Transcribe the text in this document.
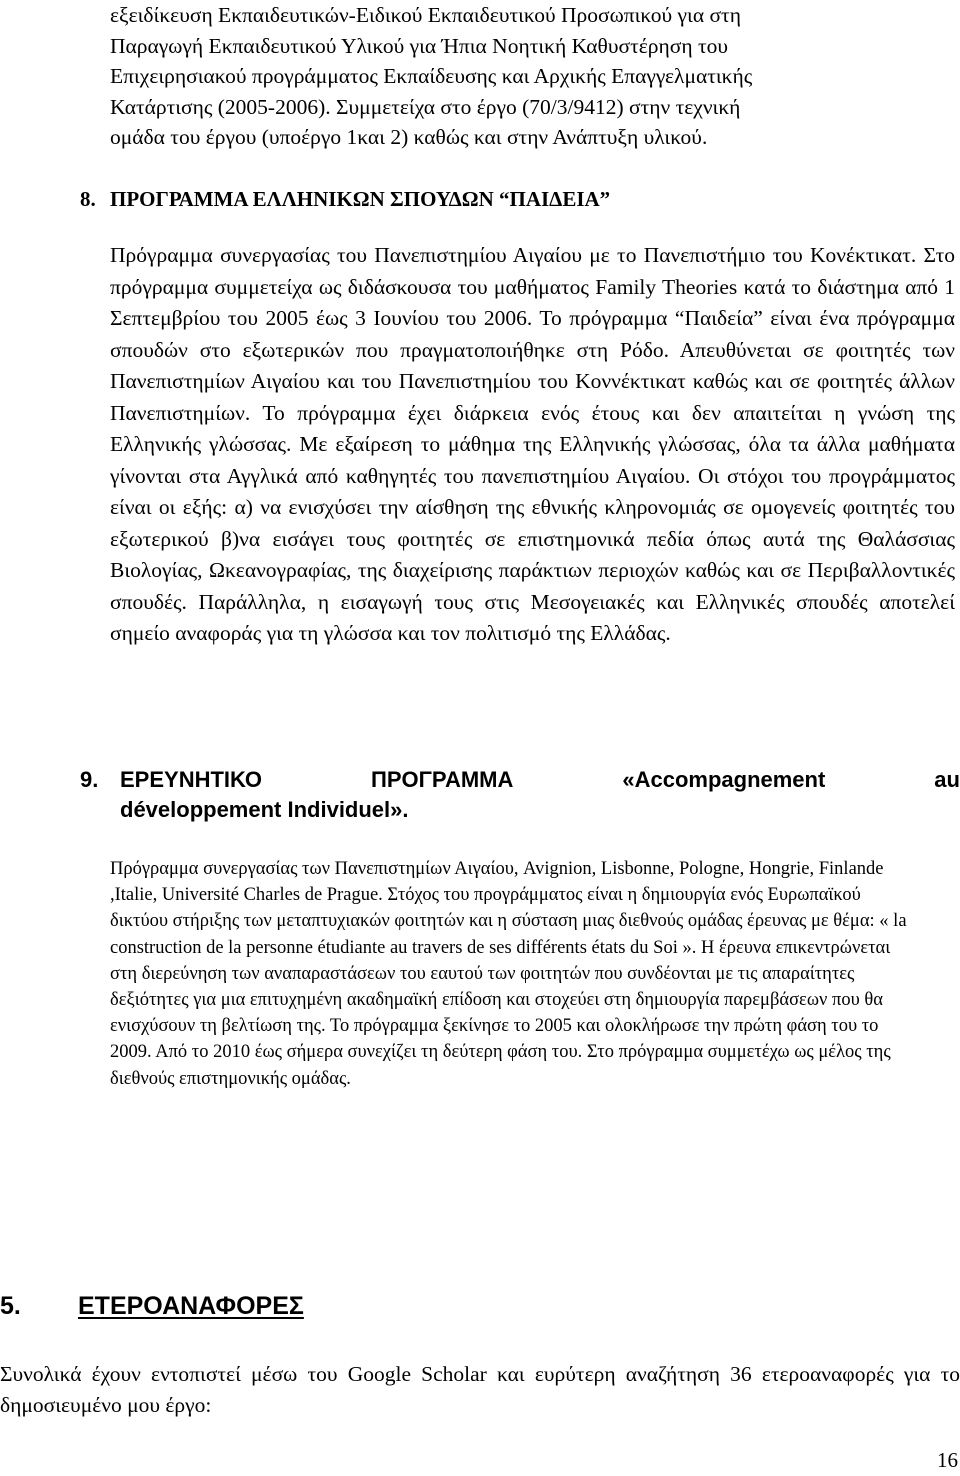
εξειδίκευση Εκπαιδευτικών-Ειδικού Εκπαιδευτικού Προσωπικού για στη
Παραγωγή Εκπαιδευτικού Υλικού για Ήπια Νοητική Καθυστέρηση του
Επιχειρησιακού προγράμματος Εκπαίδευσης και Αρχικής Επαγγελματικής
Κατάρτισης (2005-2006). Συμμετείχα στο έργο (70/3/9412) στην τεχνική
ομάδα του έργου (υποέργο 1και 2) καθώς και στην Ανάπτυξη υλικού.
8. ΠΡΟΓΡΑΜΜΑ ΕΛΛΗΝΙΚΩΝ ΣΠΟΥΔΩΝ “ΠΑΙΔΕΙΑ”
Πρόγραμμα συνεργασίας του Πανεπιστημίου Αιγαίου με το Πανεπιστήμιο του Κονέκτικατ. Στο πρόγραμμα συμμετείχα ως διδάσκουσα του μαθήματος Family Theories κατά το διάστημα από 1 Σεπτεμβρίου του 2005 έως 3 Ιουνίου του 2006. Το πρόγραμμα “Παιδεία” είναι ένα πρόγραμμα σπουδών στο εξωτερικών που πραγματοποιήθηκε στη Ρόδο. Απευθύνεται σε φοιτητές των Πανεπιστημίων Αιγαίου και του Πανεπιστημίου του Κοννέκτικατ καθώς και σε φοιτητές άλλων Πανεπιστημίων. Το πρόγραμμα έχει διάρκεια ενός έτους και δεν απαιτείται η γνώση της Ελληνικής γλώσσας. Με εξαίρεση το μάθημα της Ελληνικής γλώσσας, όλα τα άλλα μαθήματα γίνονται στα Αγγλικά από καθηγητές του πανεπιστημίου Αιγαίου. Οι στόχοι του προγράμματος είναι οι εξής: α) να ενισχύσει την αίσθηση της εθνικής κληρονομιάς σε ομογενείς φοιτητές του εξωτερικού β)να εισάγει τους φοιτητές σε επιστημονικά πεδία όπως αυτά της Θαλάσσιας Βιολογίας, Ωκεανογραφίας, της διαχείρισης παράκτιων περιοχών καθώς και σε Περιβαλλοντικές σπουδές. Παράλληλα, η εισαγωγή τους στις Μεσογειακές και Ελληνικές σπουδές αποτελεί σημείο αναφοράς για τη γλώσσα και τον πολιτισμό της Ελλάδας.
9. ΕΡΕΥΝΗΤΙΚΟ	ΠΡΟΓΡΑΜΜΑ	«Accompagnement	au
développement Individuel».
Πρόγραμμα συνεργασίας των Πανεπιστημίων Αιγαίου, Avignion, Lisbonne, Pologne, Hongrie, Finlande ,Italie, Université Charles de Prague. Στόχος του προγράμματος είναι η δημιουργία ενός Ευρωπαϊκού δικτύου στήριξης των μεταπτυχιακών φοιτητών και η σύσταση μιας διεθνούς ομάδας έρευνας με θέμα: « la construction de la personne étudiante au travers de ses différents états du Soi ». Η έρευνα επικεντρώνεται στη διερεύνηση των αναπαραστάσεων του εαυτού των φοιτητών που συνδέονται με τις απαραίτητες δεξιότητες για μια επιτυχημένη ακαδημαϊκή επίδοση και στοχεύει στη δημιουργία παρεμβάσεων που θα ενισχύσουν τη βελτίωση της. Το πρόγραμμα ξεκίνησε το 2005 και ολοκλήρωσε την πρώτη φάση του το 2009. Από το 2010 έως σήμερα συνεχίζει τη δεύτερη φάση του. Στο πρόγραμμα συμμετέχω ως μέλος της διεθνούς επιστημονικής ομάδας.
5. ΕΤΕΡΟΑΝΑΦΟΡΕΣ
Συνολικά έχουν εντοπιστεί μέσω του Google Scholar και ευρύτερη αναζήτηση 36 ετεροαναφορές για το δημοσιευμένο μου έργο:
16
